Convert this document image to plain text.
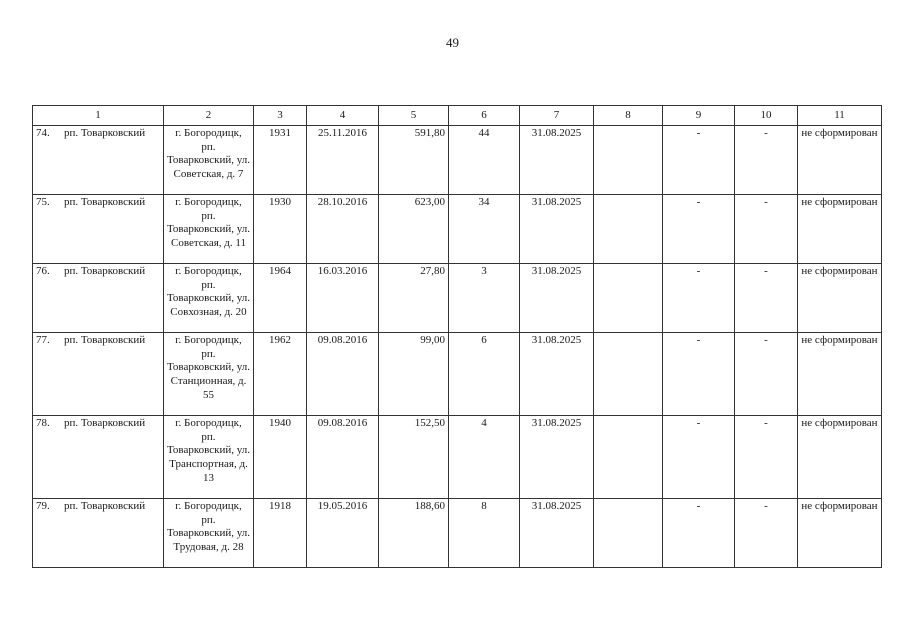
49
1	2	3	4	5	6	7	8	9	10	11
74. рп. Товарковский	г. Богородицк, рп. Товарковский, ул. Советская, д. 7	1931	25.11.2016	591,80	44	31.08.2025		-	-	не сформирован
75. рп. Товарковский	г. Богородицк, рп. Товарковский, ул. Советская, д. 11	1930	28.10.2016	623,00	34	31.08.2025		-	-	не сформирован
76. рп. Товарковский	г. Богородицк, рп. Товарковский, ул. Совхозная, д. 20	1964	16.03.2016	27,80	3	31.08.2025		-	-	не сформирован
77. рп. Товарковский	г. Богородицк, рп. Товарковский, ул. Станционная, д. 55	1962	09.08.2016	99,00	6	31.08.2025		-	-	не сформирован
78. рп. Товарковский	г. Богородицк, рп. Товарковский, ул. Транспортная, д. 13	1940	09.08.2016	152,50	4	31.08.2025		-	-	не сформирован
79. рп. Товарковский	г. Богородицк, рп. Товарковский, ул. Трудовая, д. 28	1918	19.05.2016	188,60	8	31.08.2025		-	-	не сформирован
